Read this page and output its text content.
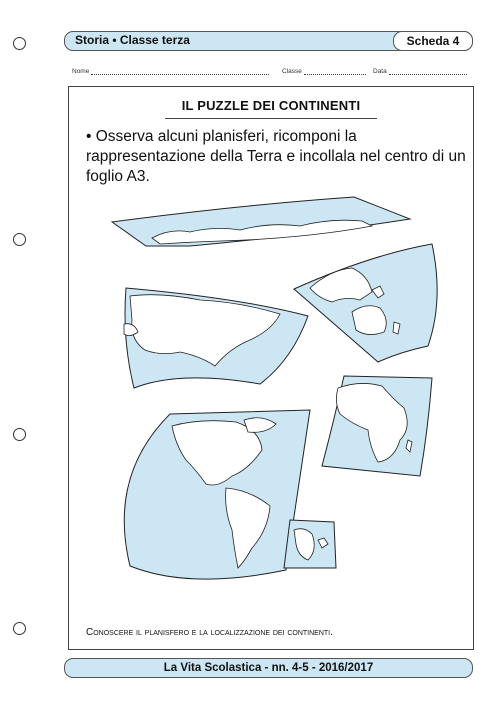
Storia • Classe terza	Scheda 4
Nome	Classe	Data
IL PUZZLE DEI CONTINENTI
• Osserva alcuni planisferi, ricomponi la rappresentazione della Terra e incollala nel centro di un foglio A3.
Conoscere il planisfero e la localizzazione dei continenti.
La Vita Scolastica - nn. 4-5 - 2016/2017
